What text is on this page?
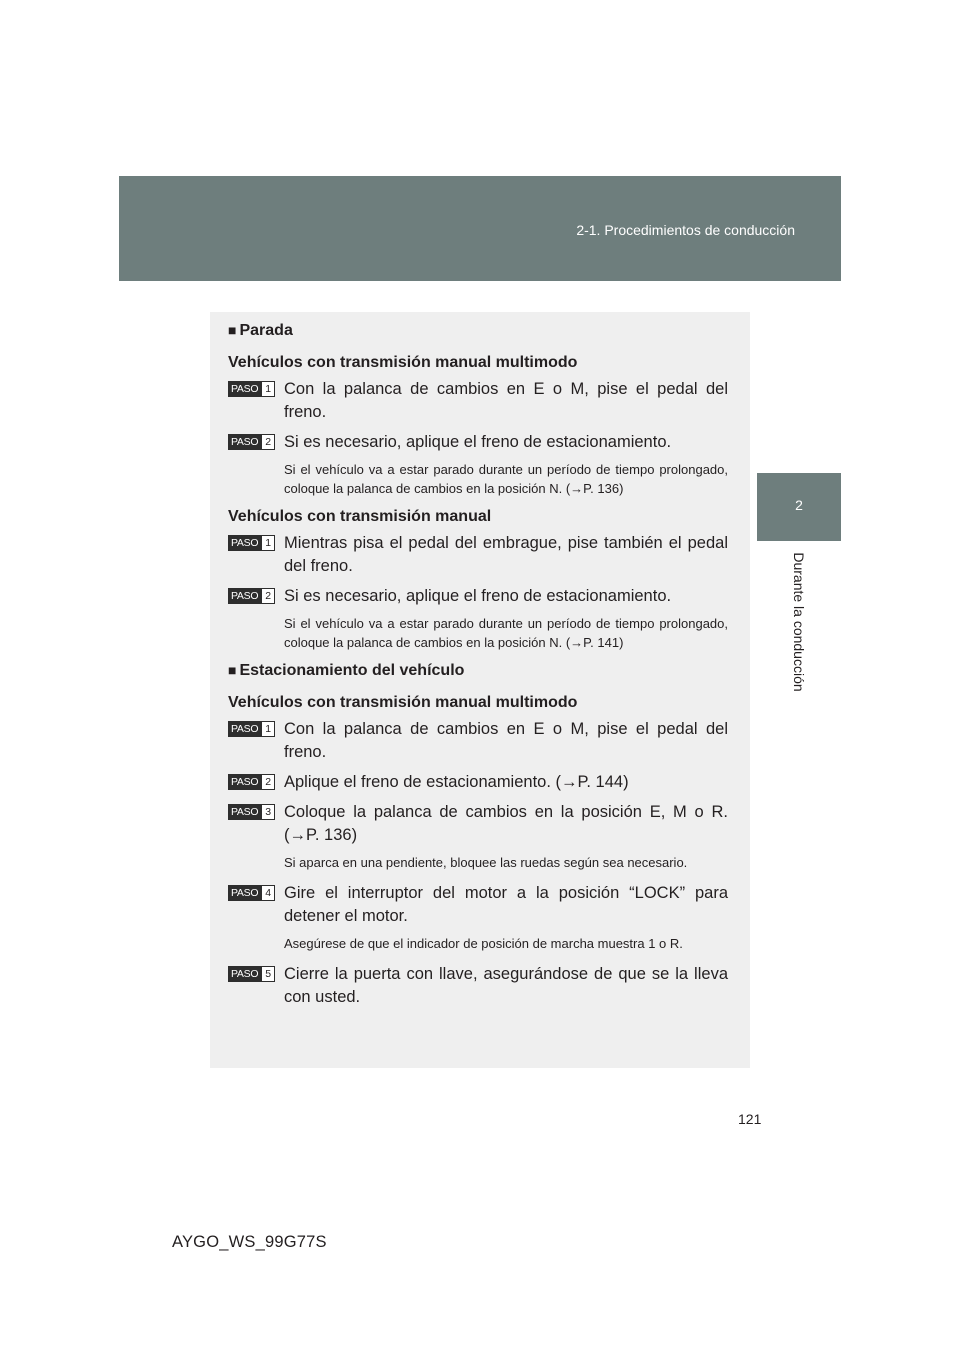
2-1. Procedimientos de conducción
2
Durante la conducción
■ Parada
Vehículos con transmisión manual multimodo
PASO 1 Con la palanca de cambios en E o M, pise el pedal del freno.
PASO 2 Si es necesario, aplique el freno de estacionamiento.
Si el vehículo va a estar parado durante un período de tiempo prolongado, coloque la palanca de cambios en la posición N. (→P. 136)
Vehículos con transmisión manual
PASO 1 Mientras pisa el pedal del embrague, pise también el pedal del freno.
PASO 2 Si es necesario, aplique el freno de estacionamiento.
Si el vehículo va a estar parado durante un período de tiempo prolongado, coloque la palanca de cambios en la posición N. (→P. 141)
■ Estacionamiento del vehículo
Vehículos con transmisión manual multimodo
PASO 1 Con la palanca de cambios en E o M, pise el pedal del freno.
PASO 2 Aplique el freno de estacionamiento. (→P. 144)
PASO 3 Coloque la palanca de cambios en la posición E, M o R. (→P. 136)
Si aparca en una pendiente, bloquee las ruedas según sea necesario.
PASO 4 Gire el interruptor del motor a la posición “LOCK” para detener el motor.
Asegúrese de que el indicador de posición de marcha muestra 1 o R.
PASO 5 Cierre la puerta con llave, asegurándose de que se la lleva con usted.
121
AYGO_WS_99G77S
